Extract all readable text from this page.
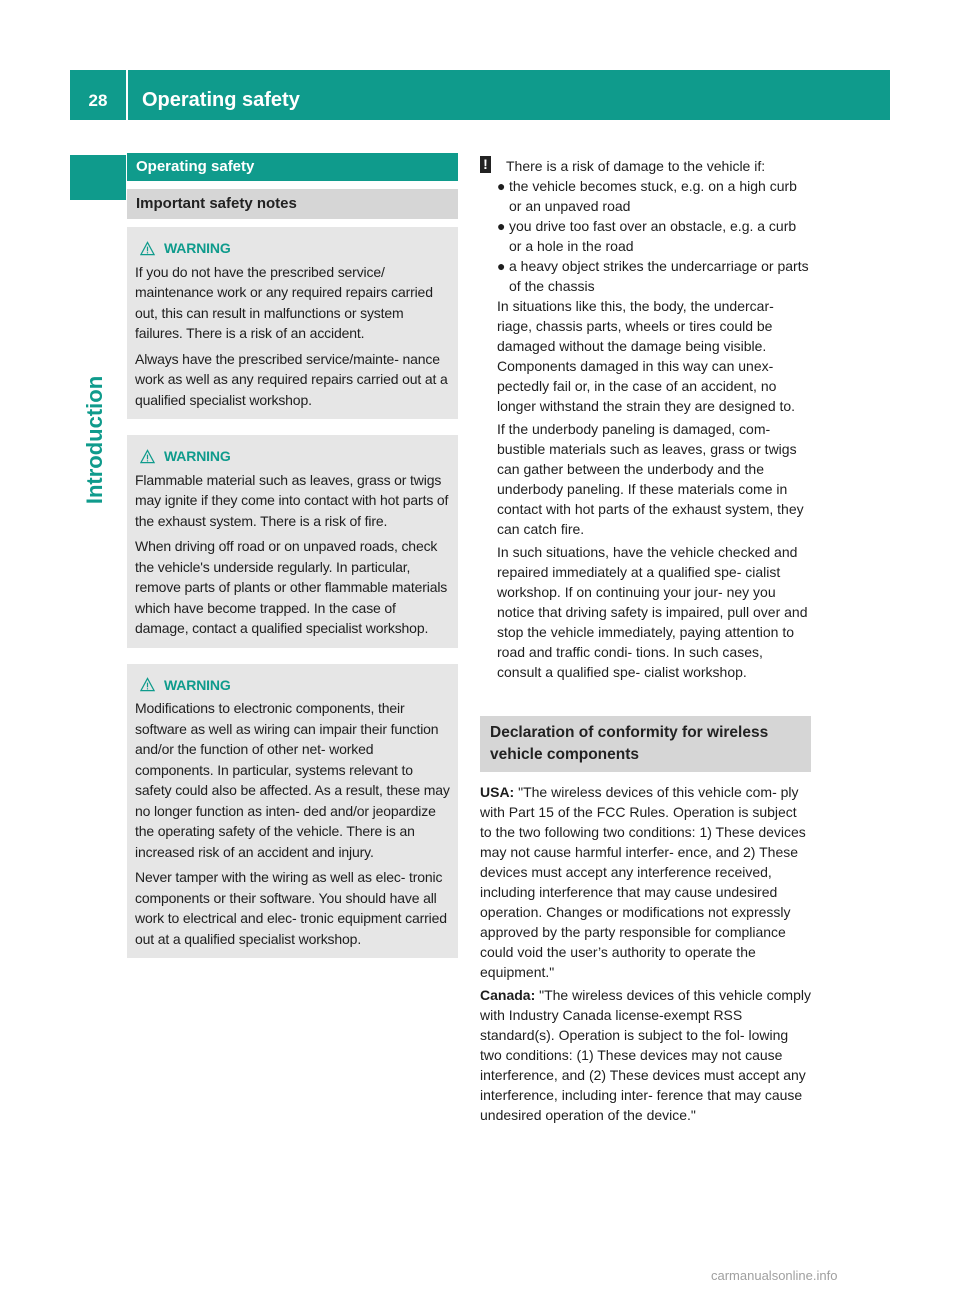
28	Operating safety
Introduction
Operating safety
Important safety notes
WARNING

If you do not have the prescribed service/ maintenance work or any required repairs carried out, this can result in malfunctions or system failures. There is a risk of an accident.

Always have the prescribed service/mainte- nance work as well as any required repairs carried out at a qualified specialist workshop.

WARNING

Flammable material such as leaves, grass or twigs may ignite if they come into contact with hot parts of the exhaust system. There is a risk of fire.

When driving off road or on unpaved roads, check the vehicle's underside regularly. In particular, remove parts of plants or other flammable materials which have become trapped. In the case of damage, contact a qualified specialist workshop.

WARNING

Modifications to electronic components, their software as well as wiring can impair their function and/or the function of other net- worked components. In particular, systems relevant to safety could also be affected. As a result, these may no longer function as inten- ded and/or jeopardize the operating safety of the vehicle. There is an increased risk of an accident and injury.

Never tamper with the wiring as well as elec- tronic components or their software. You should have all work to electrical and elec- tronic equipment carried out at a qualified specialist workshop.

! There is a risk of damage to the vehicle if:
● the vehicle becomes stuck, e.g. on a high curb or an unpaved road
● you drive too fast over an obstacle, e.g. a curb or a hole in the road
● a heavy object strikes the undercarriage or parts of the chassis

In situations like this, the body, the undercar- riage, chassis parts, wheels or tires could be damaged without the damage being visible. Components damaged in this way can unex- pectedly fail or, in the case of an accident, no longer withstand the strain they are designed to.

If the underbody paneling is damaged, com- bustible materials such as leaves, grass or twigs can gather between the underbody and the underbody paneling. If these materials come in contact with hot parts of the exhaust system, they can catch fire.

In such situations, have the vehicle checked and repaired immediately at a qualified spe- cialist workshop. If on continuing your jour- ney you notice that driving safety is impaired, pull over and stop the vehicle immediately, paying attention to road and traffic condi- tions. In such cases, consult a qualified spe- cialist workshop.

Declaration of conformity for wireless vehicle components

USA: "The wireless devices of this vehicle com- ply with Part 15 of the FCC Rules. Operation is subject to the two following two conditions: 1) These devices may not cause harmful interfer- ence, and 2) These devices must accept any interference received, including interference that may cause undesired operation. Changes or modifications not expressly approved by the party responsible for compliance could void the user’s authority to operate the equipment."

Canada: "The wireless devices of this vehicle comply with Industry Canada license-exempt RSS standard(s). Operation is subject to the fol- lowing two conditions: (1) These devices may not cause interference, and (2) These devices must accept any interference, including inter- ference that may cause undesired operation of the device."

carmanualsonline.info
